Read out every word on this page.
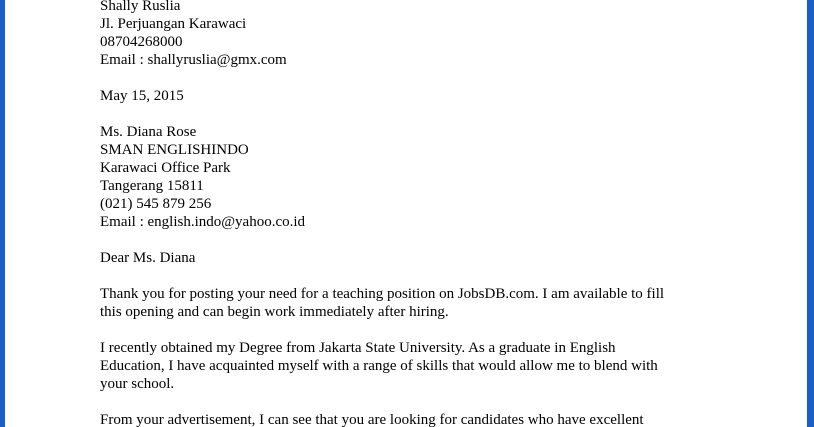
Shally Ruslia
Jl. Perjuangan Karawaci
08704268000
Email : shallyruslia@gmx.com
May 15, 2015
Ms. Diana Rose
SMAN ENGLISHINDO
Karawaci Office Park
Tangerang 15811
(021) 545 879 256
Email : english.indo@yahoo.co.id
Dear Ms. Diana
Thank you for posting your need for a teaching position on JobsDB.com. I am available to fill
this opening and can begin work immediately after hiring.
I recently obtained my Degree from Jakarta State University. As a graduate in English
Education, I have acquainted myself with a range of skills that would allow me to blend with
your school.
From your advertisement, I can see that you are looking for candidates who have excellent
